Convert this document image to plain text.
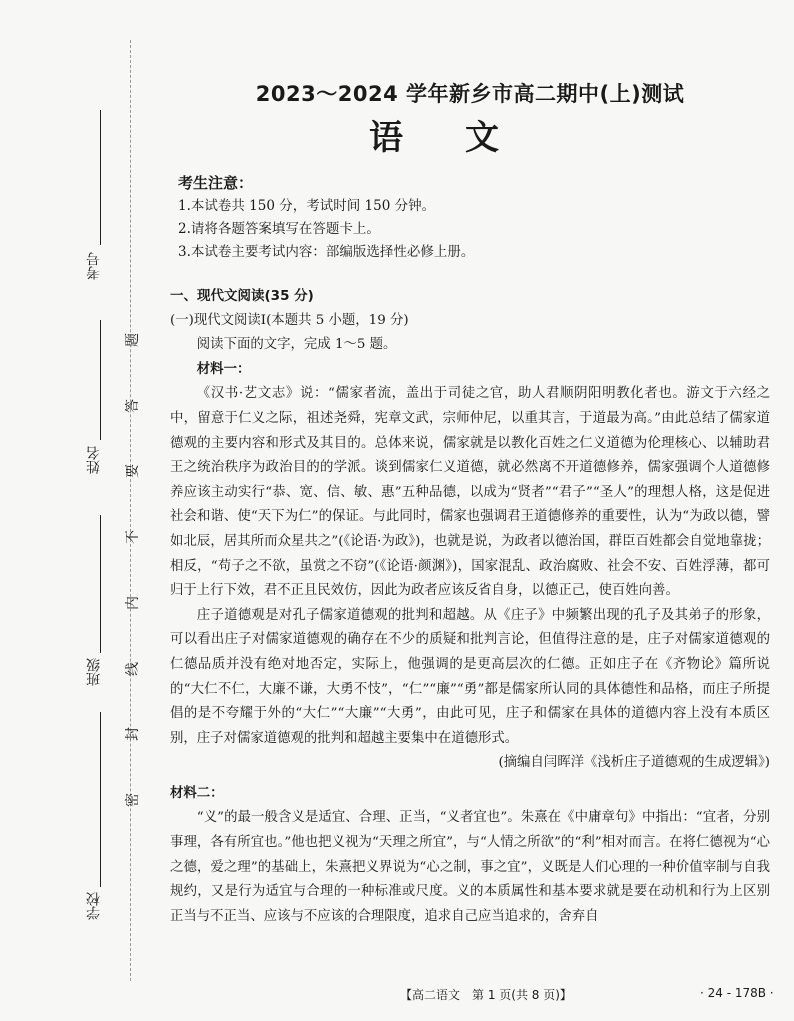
考号
姓名
班级
学校
题
答
要
不
内
线
封
密
2023～2024 学年新乡市高二期中(上)测试
语文
考生注意：
1.本试卷共 150 分，考试时间 150 分钟。
2.请将各题答案填写在答题卡上。
3.本试卷主要考试内容：部编版选择性必修上册。
一、现代文阅读(35 分)
(一)现代文阅读Ⅰ(本题共 5 小题，19 分)
阅读下面的文字，完成 1～5 题。
材料一：

《汉书·艺文志》说：“儒家者流，盖出于司徒之官，助人君顺阴阳明教化者也。游文于六经之中，留意于仁义之际，祖述尧舜，宪章文武，宗师仲尼，以重其言，于道最为高。”由此总结了儒家道德观的主要内容和形式及其目的。总体来说，儒家就是以教化百姓之仁义道德为伦理核心、以辅助君王之统治秩序为政治目的的学派。谈到儒家仁义道德，就必然离不开道德修养，儒家强调个人道德修养应该主动实行“恭、宽、信、敏、惠”五种品德，以成为“贤者”“君子”“圣人”的理想人格，这是促进社会和谐、使“天下为仁”的保证。与此同时，儒家也强调君王道德修养的重要性，认为“为政以德，譬如北辰，居其所而众星共之”(《论语·为政》)，也就是说，为政者以德治国，群臣百姓都会自觉地靠拢；相反，“苟子之不欲，虽赏之不窃”(《论语·颜渊》)，国家混乱、政治腐败、社会不安、百姓浮薄，都可归于上行下效，君不正且民效仿，因此为政者应该反省自身，以德正己，使百姓向善。

庄子道德观是对孔子儒家道德观的批判和超越。从《庄子》中频繁出现的孔子及其弟子的形象，可以看出庄子对儒家道德观的确存在不少的质疑和批判言论，但值得注意的是，庄子对儒家道德观的仁德品质并没有绝对地否定，实际上，他强调的是更高层次的仁德。正如庄子在《齐物论》篇所说的“大仁不仁，大廉不谦，大勇不忮”，“仁”“廉”“勇”都是儒家所认同的具体德性和品格，而庄子所提倡的是不夸耀于外的“大仁”“大廉”“大勇”，由此可见，庄子和儒家在具体的道德内容上没有本质区别，庄子对儒家道德观的批判和超越主要集中在道德形式。

(摘编自闫晖洋《浅析庄子道德观的生成逻辑》)

材料二：

“义”的最一般含义是适宜、合理、正当，“义者宜也”。朱熹在《中庸章句》中指出：“宜者，分别事理，各有所宜也。”他也把义视为“天理之所宜”，与“人情之所欲”的“利”相对而言。在将仁德视为“心之德，爱之理”的基础上，朱熹把义界说为“心之制，事之宜”，义既是人们心理的一种价值宰制与自我规约，又是行为适宜与合理的一种标准或尺度。义的本质属性和基本要求就是要在动机和行为上区别正当与不正当、应该与不应该的合理限度，追求自己应当追求的，舍弃自

【高二语文　第 1 页(共 8 页)】	· 24 - 178B ·
